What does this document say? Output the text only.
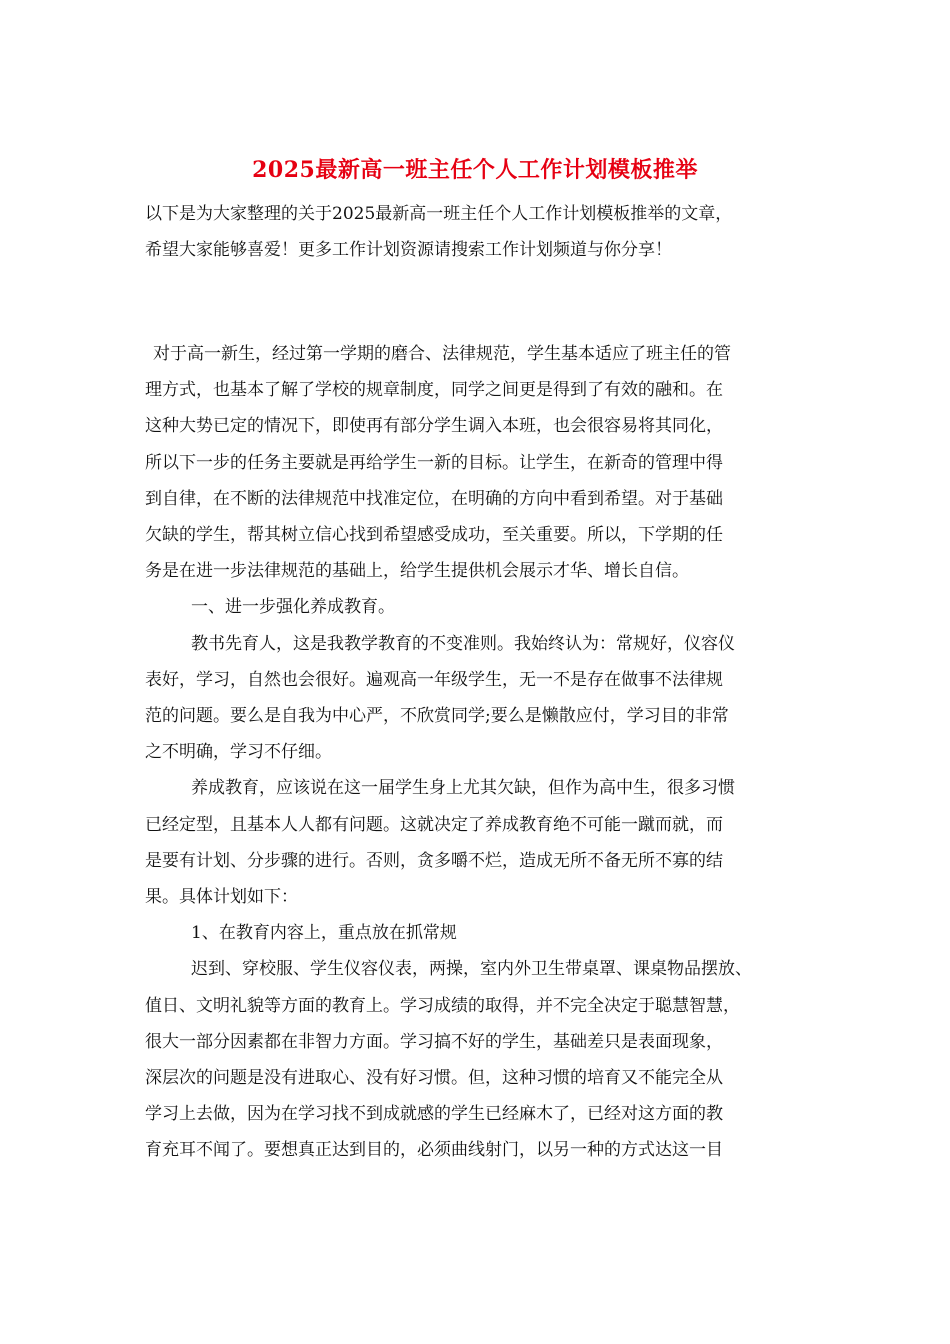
2025最新高一班主任个人工作计划模板推举
以下是为大家整理的关于2025最新高一班主任个人工作计划模板推举的文章，
希望大家能够喜爱！更多工作计划资源请搜索工作计划频道与你分享！
对于高一新生，经过第一学期的磨合、法律规范，学生基本适应了班主任的管
理方式，也基本了解了学校的规章制度，同学之间更是得到了有效的融和。在
这种大势已定的情况下，即使再有部分学生调入本班，也会很容易将其同化，
所以下一步的任务主要就是再给学生一新的目标。让学生，在新奇的管理中得
到自律，在不断的法律规范中找准定位，在明确的方向中看到希望。对于基础
欠缺的学生，帮其树立信心找到希望感受成功，至关重要。所以，下学期的任
务是在进一步法律规范的基础上，给学生提供机会展示才华、增长自信。
一、进一步强化养成教育。
教书先育人，这是我教学教育的不变准则。我始终认为：常规好，仪容仪
表好，学习，自然也会很好。遍观高一年级学生，无一不是存在做事不法律规
范的问题。要么是自我为中心严，不欣赏同学;要么是懒散应付，学习目的非常
之不明确，学习不仔细。
养成教育，应该说在这一届学生身上尤其欠缺，但作为高中生，很多习惯
已经定型，且基本人人都有问题。这就决定了养成教育绝不可能一蹴而就，而
是要有计划、分步骤的进行。否则，贪多嚼不烂，造成无所不备无所不寡的结
果。具体计划如下：
1、在教育内容上，重点放在抓常规
迟到、穿校服、学生仪容仪表，两操，室内外卫生带桌罩、课桌物品摆放、
值日、文明礼貌等方面的教育上。学习成绩的取得，并不完全决定于聪慧智慧，
很大一部分因素都在非智力方面。学习搞不好的学生，基础差只是表面现象，
深层次的问题是没有进取心、没有好习惯。但，这种习惯的培育又不能完全从
学习上去做，因为在学习找不到成就感的学生已经麻木了，已经对这方面的教
育充耳不闻了。要想真正达到目的，必须曲线射门，以另一种的方式达这一目
